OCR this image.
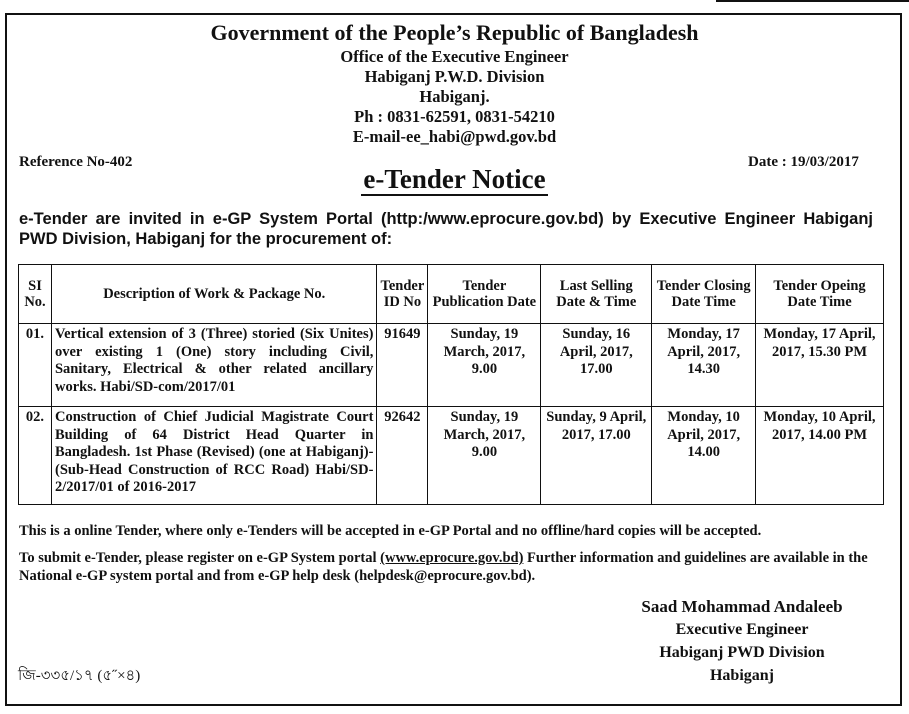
Government of the People’s Republic of Bangladesh
Office of the Executive Engineer
Habiganj P.W.D. Division
Habiganj.
Ph : 0831-62591, 0831-54210
E-mail-ee_habi@pwd.gov.bd
Reference No-402	Date : 19/03/2017
e-Tender Notice
e-Tender are invited in e-GP System Portal (http:/www.eprocure.gov.bd) by Executive Engineer Habiganj PWD Division, Habiganj for the procurement of:
SI No.	Description of Work & Package No.	Tender ID No	Tender Publication Date	Last Selling Date & Time	Tender Closing Date Time	Tender Opeing Date Time
01.	Vertical extension of 3 (Three) storied (Six Unites) over existing 1 (One) story including Civil, Sanitary, Electrical & other related ancillary works. Habi/SD-com/2017/01	91649	Sunday, 19 March, 2017, 9.00	Sunday, 16 April, 2017, 17.00	Monday, 17 April, 2017, 14.30	Monday, 17 April, 2017, 15.30 PM
02.	Construction of Chief Judicial Magistrate Court Building of 64 District Head Quarter in Bangladesh. 1st Phase (Revised) (one at Habiganj)-(Sub-Head Construction of RCC Road) Habi/SD-2/2017/01 of 2016-2017	92642	Sunday, 19 March, 2017, 9.00	Sunday, 9 April, 2017, 17.00	Monday, 10 April, 2017, 14.00	Monday, 10 April, 2017, 14.00 PM
This is a online Tender, where only e-Tenders will be accepted in e-GP Portal and no offline/hard copies will be accepted.
To submit e-Tender, please register on e-GP System portal (www.eprocure.gov.bd) Further information and guidelines are available in the National e-GP system portal and from e-GP help desk (helpdesk@eprocure.gov.bd).
Saad Mohammad Andaleeb
Executive Engineer
Habiganj PWD Division
Habiganj
জি-৩৩৫/১৭ (৫˝×৪)
